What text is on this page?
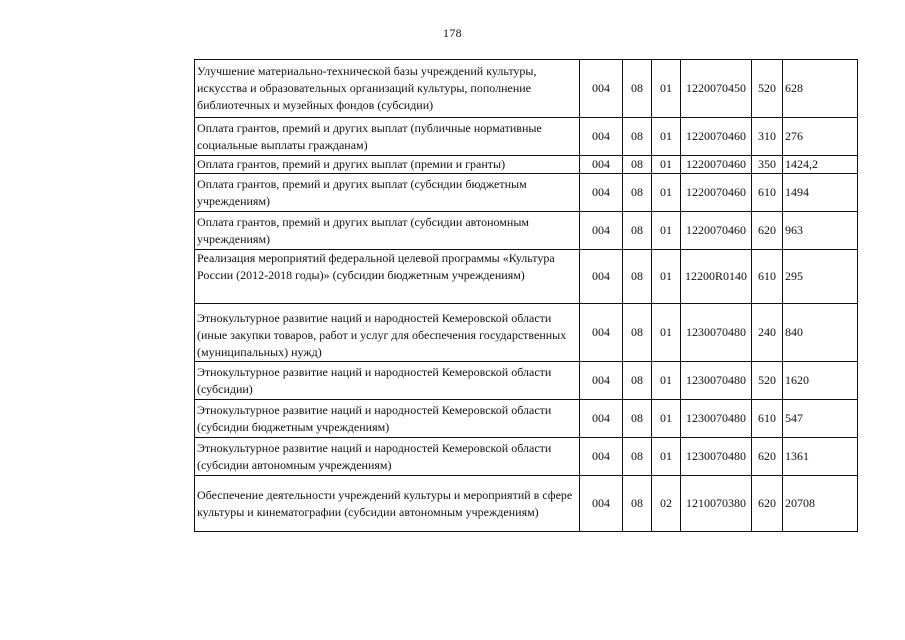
178
Улучшение материально-технической базы учреждений культуры, искусства и образовательных организаций культуры, пополнение библиотечных и музейных фондов (субсидии)	004	08	01	1220070450	520	628
Оплата грантов, премий и других выплат (публичные нормативные социальные выплаты гражданам)	004	08	01	1220070460	310	276
Оплата грантов, премий и других выплат (премии и гранты)	004	08	01	1220070460	350	1424,2
Оплата грантов, премий и других выплат (субсидии бюджетным учреждениям)	004	08	01	1220070460	610	1494
Оплата грантов, премий и других выплат (субсидии автономным учреждениям)	004	08	01	1220070460	620	963
Реализация мероприятий федеральной целевой программы «Культура России (2012-2018 годы)» (субсидии бюджетным учреждениям)	004	08	01	12200R0140	610	295
Этнокультурное развитие наций и народностей Кемеровской области (иные закупки товаров, работ и услуг для обеспечения государственных (муниципальных) нужд)	004	08	01	1230070480	240	840
Этнокультурное развитие наций и народностей Кемеровской области (субсидии)	004	08	01	1230070480	520	1620
Этнокультурное развитие наций и народностей Кемеровской области (субсидии бюджетным учреждениям)	004	08	01	1230070480	610	547
Этнокультурное развитие наций и народностей Кемеровской области (субсидии автономным учреждениям)	004	08	01	1230070480	620	1361
Обеспечение деятельности учреждений культуры и мероприятий в сфере культуры и кинематографии (субсидии автономным учреждениям)	004	08	02	1210070380	620	20708
